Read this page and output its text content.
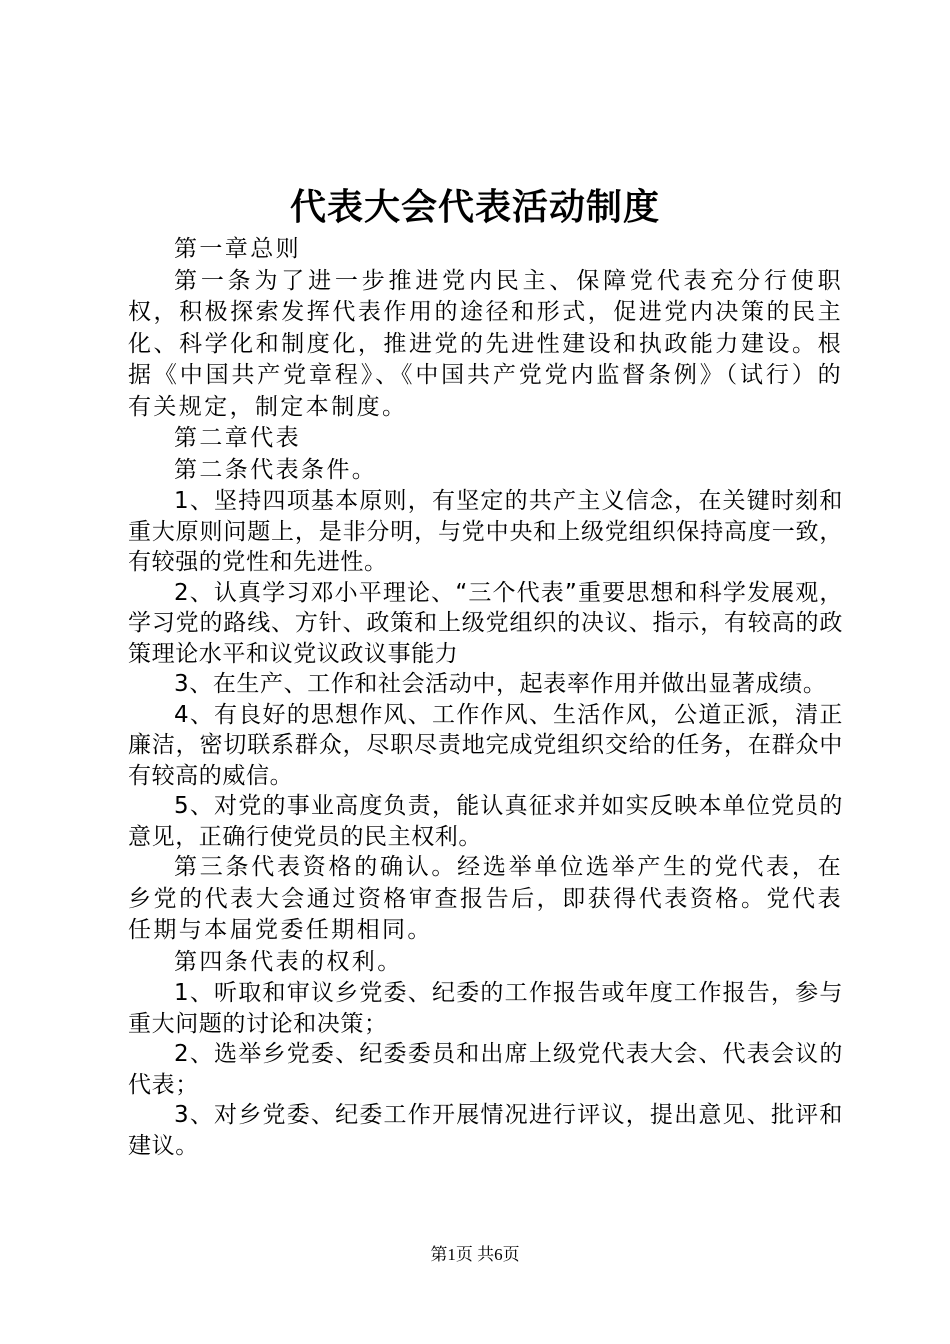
代表大会代表活动制度

第一章总则

第一条为了进一步推进党内民主、保障党代表充分行使职权，积极探索发挥代表作用的途径和形式，促进党内决策的民主化、科学化和制度化，推进党的先进性建设和执政能力建设。根据《中国共产党章程》、《中国共产党党内监督条例》（试行）的有关规定，制定本制度。

第二章代表

第二条代表条件。

1、坚持四项基本原则，有坚定的共产主义信念，在关键时刻和重大原则问题上，是非分明，与党中央和上级党组织保持高度一致，有较强的党性和先进性。

2、认真学习邓小平理论、“三个代表”重要思想和科学发展观，学习党的路线、方针、政策和上级党组织的决议、指示，有较高的政策理论水平和议党议政议事能力

3、在生产、工作和社会活动中，起表率作用并做出显著成绩。

4、有良好的思想作风、工作作风、生活作风，公道正派，清正廉洁，密切联系群众，尽职尽责地完成党组织交给的任务，在群众中有较高的威信。

5、对党的事业高度负责，能认真征求并如实反映本单位党员的意见，正确行使党员的民主权利。

第三条代表资格的确认。经选举单位选举产生的党代表，在乡党的代表大会通过资格审查报告后，即获得代表资格。党代表任期与本届党委任期相同。

第四条代表的权利。

1、听取和审议乡党委、纪委的工作报告或年度工作报告，参与重大问题的讨论和决策；

2、选举乡党委、纪委委员和出席上级党代表大会、代表会议的代表；

3、对乡党委、纪委工作开展情况进行评议，提出意见、批评和建议。

第1页 共6页
